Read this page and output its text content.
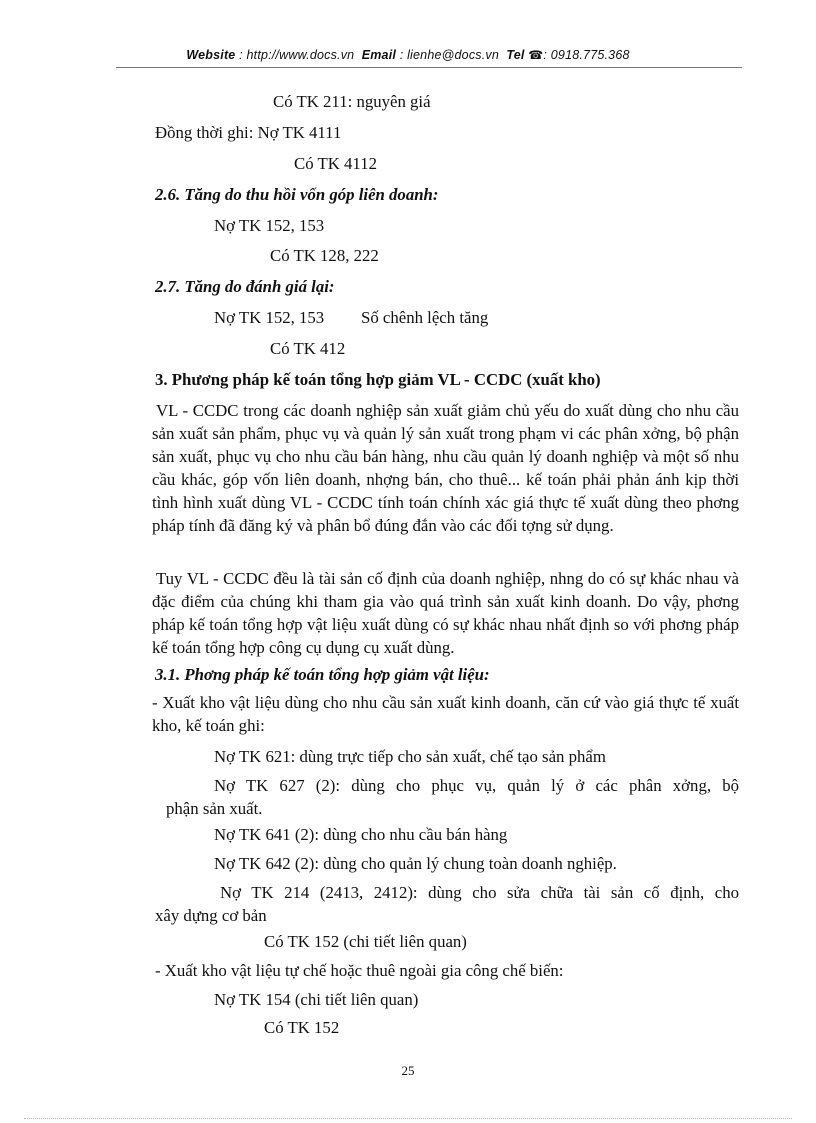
Website : http://www.docs.vn Email : lienhe@docs.vn Tel ☎: 0918.775.368
Có TK 211: nguyên giá
Đồng thời ghi: Nợ TK 4111
Có TK 4112
2.6. Tăng do thu hồi vốn góp liên doanh:
Nợ TK 152, 153
Có TK 128, 222
2.7. Tăng do đánh giá lại:
Nợ TK 152, 153 Số chênh lệch tăng
Có TK 412
3. Phương pháp kế toán tổng hợp giảm VL - CCDC (xuất kho)
VL - CCDC trong các doanh nghiệp sản xuất giảm chủ yếu do xuất dùng cho nhu cầu sản xuất sản phẩm, phục vụ và quản lý sản xuất trong phạm vi các phân xởng, bộ phận sản xuất, phục vụ cho nhu cầu bán hàng, nhu cầu quản lý doanh nghiệp và một số nhu cầu khác, góp vốn liên doanh, nhợng bán, cho thuê... kế toán phải phản ánh kịp thời tình hình xuất dùng VL - CCDC tính toán chính xác giá thực tế xuất dùng theo phơng pháp tính đã đăng ký và phân bổ đúng đắn vào các đối tợng sử dụng.
Tuy VL - CCDC đều là tài sản cố định của doanh nghiệp, nhng do có sự khác nhau và đặc điểm của chúng khi tham gia vào quá trình sản xuất kinh doanh. Do vậy, phơng pháp kế toán tổng hợp vật liệu xuất dùng có sự khác nhau nhất định so với phơng pháp kế toán tổng hợp công cụ dụng cụ xuất dùng.
3.1. Phơng pháp kế toán tổng hợp giảm vật liệu:
- Xuất kho vật liệu dùng cho nhu cầu sản xuất kinh doanh, căn cứ vào giá thực tế xuất kho, kế toán ghi:
Nợ TK 621: dùng trực tiếp cho sản xuất, chế tạo sản phẩm
Nợ TK 627 (2): dùng cho phục vụ, quản lý ở các phân xởng, bộ
phận sản xuất.
Nợ TK 641 (2): dùng cho nhu cầu bán hàng
Nợ TK 642 (2): dùng cho quản lý chung toàn doanh nghiệp.
Nợ TK 214 (2413, 2412): dùng cho sửa chữa tài sản cố định, cho
xây dựng cơ bản
Có TK 152 (chi tiết liên quan)
- Xuất kho vật liệu tự chế hoặc thuê ngoài gia công chế biến:
Nợ TK 154 (chi tiết liên quan)
Có TK 152
25
